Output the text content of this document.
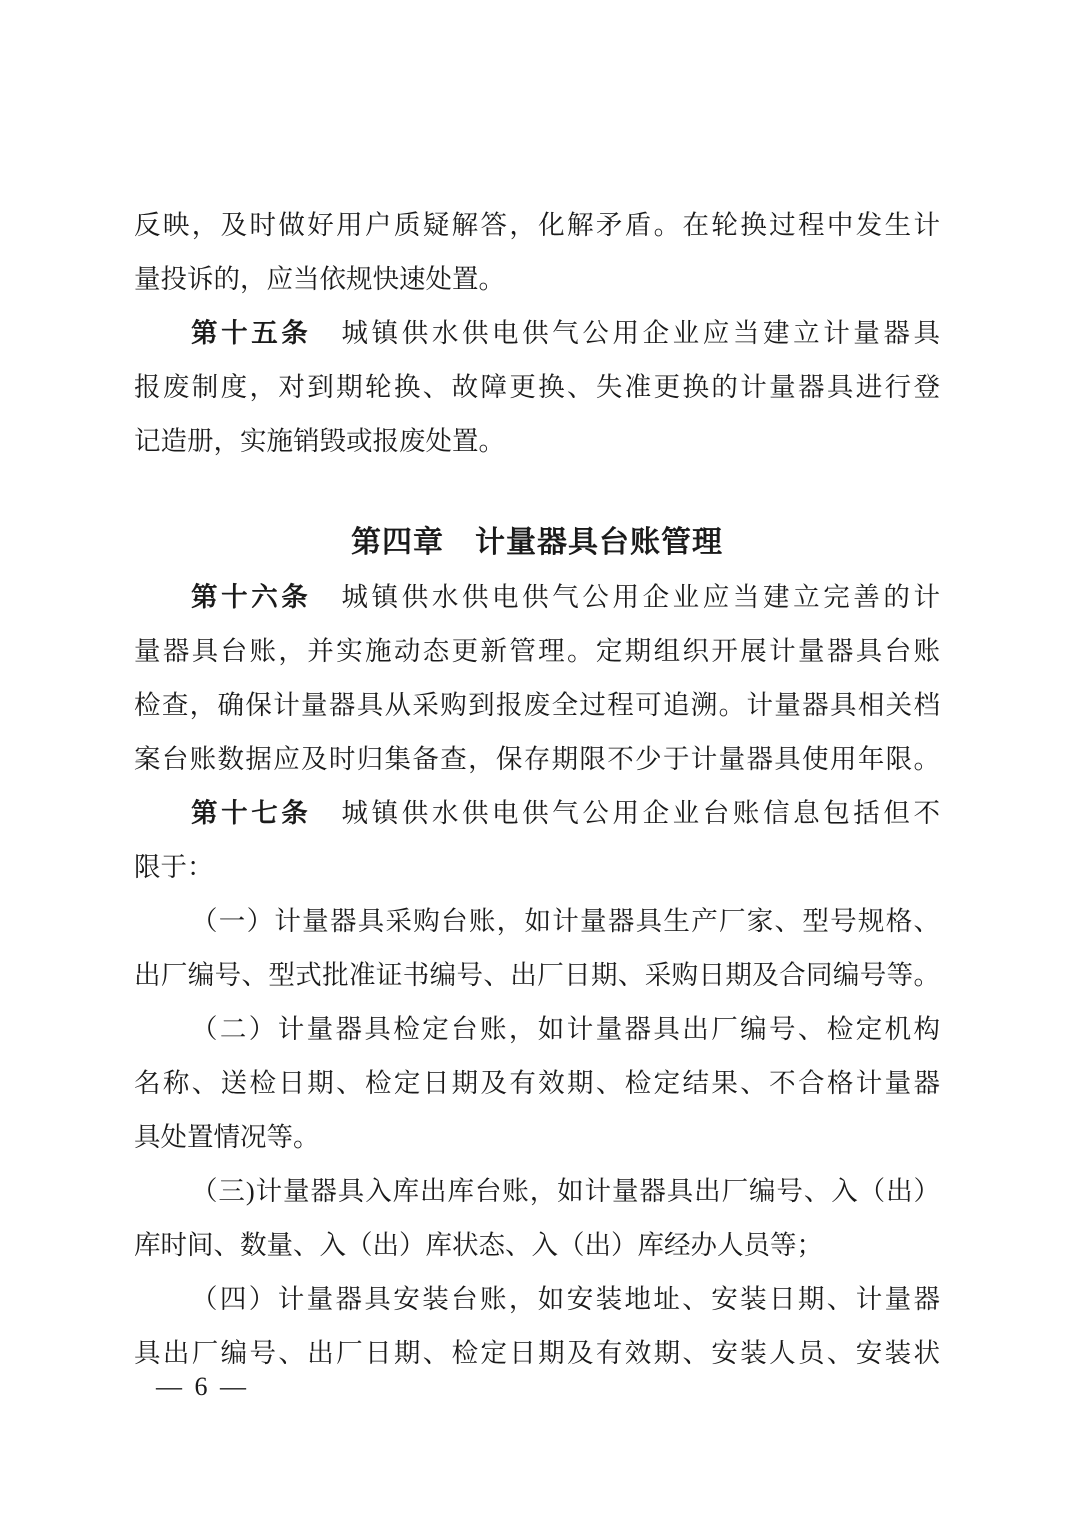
反映，及时做好用户质疑解答，化解矛盾。在轮换过程中发生计
量投诉的，应当依规快速处置。
第十五条　城镇供水供电供气公用企业应当建立计量器具
报废制度，对到期轮换、故障更换、失准更换的计量器具进行登
记造册，实施销毁或报废处置。
第四章　计量器具台账管理
第十六条　城镇供水供电供气公用企业应当建立完善的计
量器具台账，并实施动态更新管理。定期组织开展计量器具台账
检查，确保计量器具从采购到报废全过程可追溯。计量器具相关档
案台账数据应及时归集备查，保存期限不少于计量器具使用年限。
第十七条　城镇供水供电供气公用企业台账信息包括但不
限于：
（一）计量器具采购台账，如计量器具生产厂家、型号规格、
出厂编号、型式批准证书编号、出厂日期、采购日期及合同编号等。
（二）计量器具检定台账，如计量器具出厂编号、检定机构
名称、送检日期、检定日期及有效期、检定结果、不合格计量器
具处置情况等。
（三)计量器具入库出库台账，如计量器具出厂编号、入（出）
库时间、数量、入（出）库状态、入（出）库经办人员等；
（四）计量器具安装台账，如安装地址、安装日期、计量器
具出厂编号、出厂日期、检定日期及有效期、安装人员、安装状
— 6 —
